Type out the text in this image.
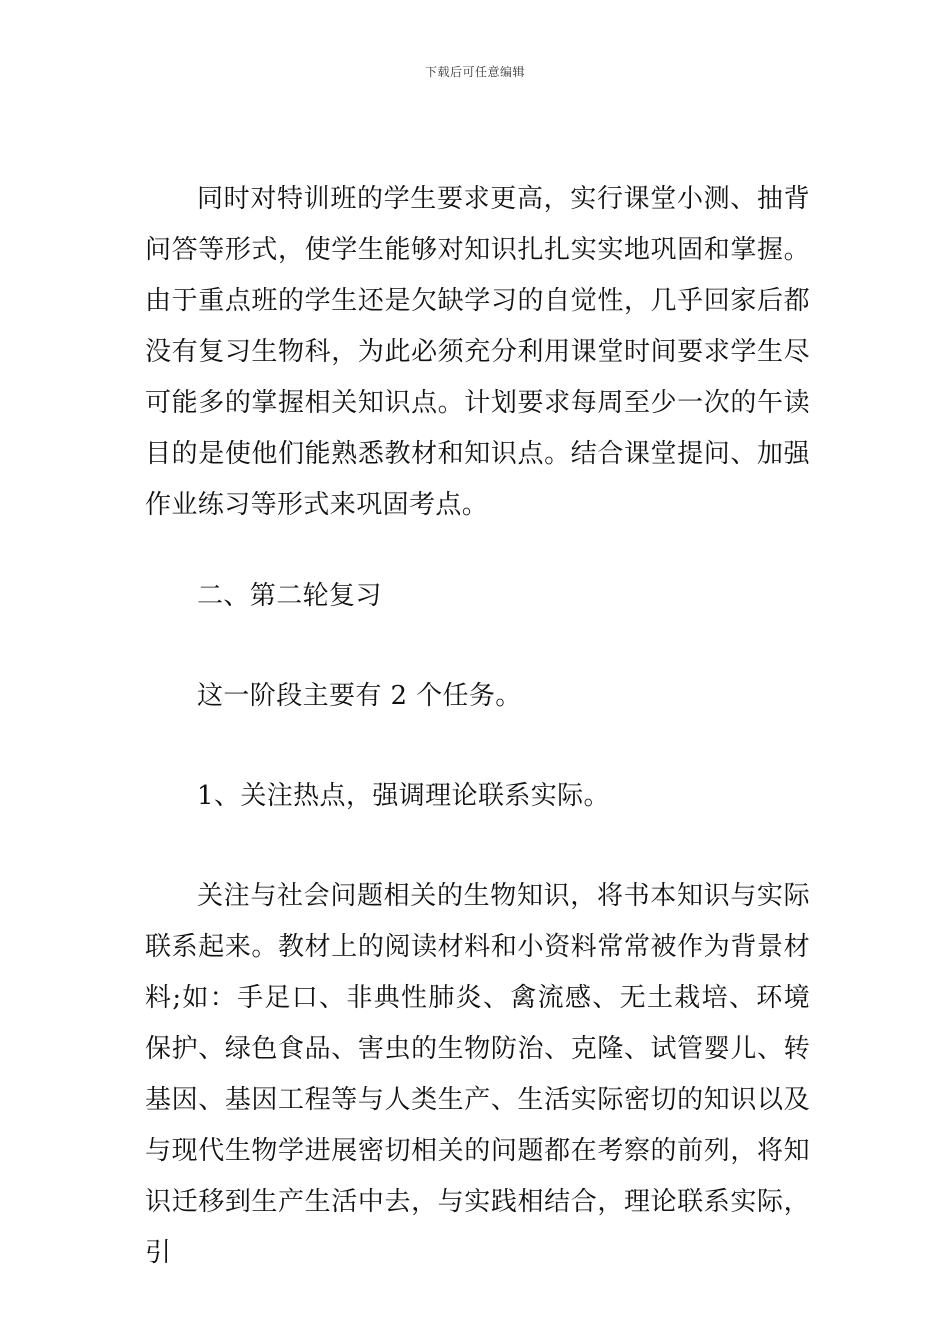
下载后可任意编辑

同时对特训班的学生要求更高，实行课堂小测、抽背问答等形式，使学生能够对知识扎扎实实地巩固和掌握。由于重点班的学生还是欠缺学习的自觉性，几乎回家后都没有复习生物科，为此必须充分利用课堂时间要求学生尽可能多的掌握相关知识点。计划要求每周至少一次的午读目的是使他们能熟悉教材和知识点。结合课堂提问、加强作业练习等形式来巩固考点。

二、第二轮复习

这一阶段主要有 2 个任务。

1、关注热点，强调理论联系实际。

关注与社会问题相关的生物知识，将书本知识与实际联系起来。教材上的阅读材料和小资料常常被作为背景材料;如：手足口、非典性肺炎、禽流感、无土栽培、环境保护、绿色食品、害虫的生物防治、克隆、试管婴儿、转基因、基因工程等与人类生产、生活实际密切的知识以及与现代生物学进展密切相关的问题都在考察的前列，将知识迁移到生产生活中去，与实践相结合，理论联系实际，引
